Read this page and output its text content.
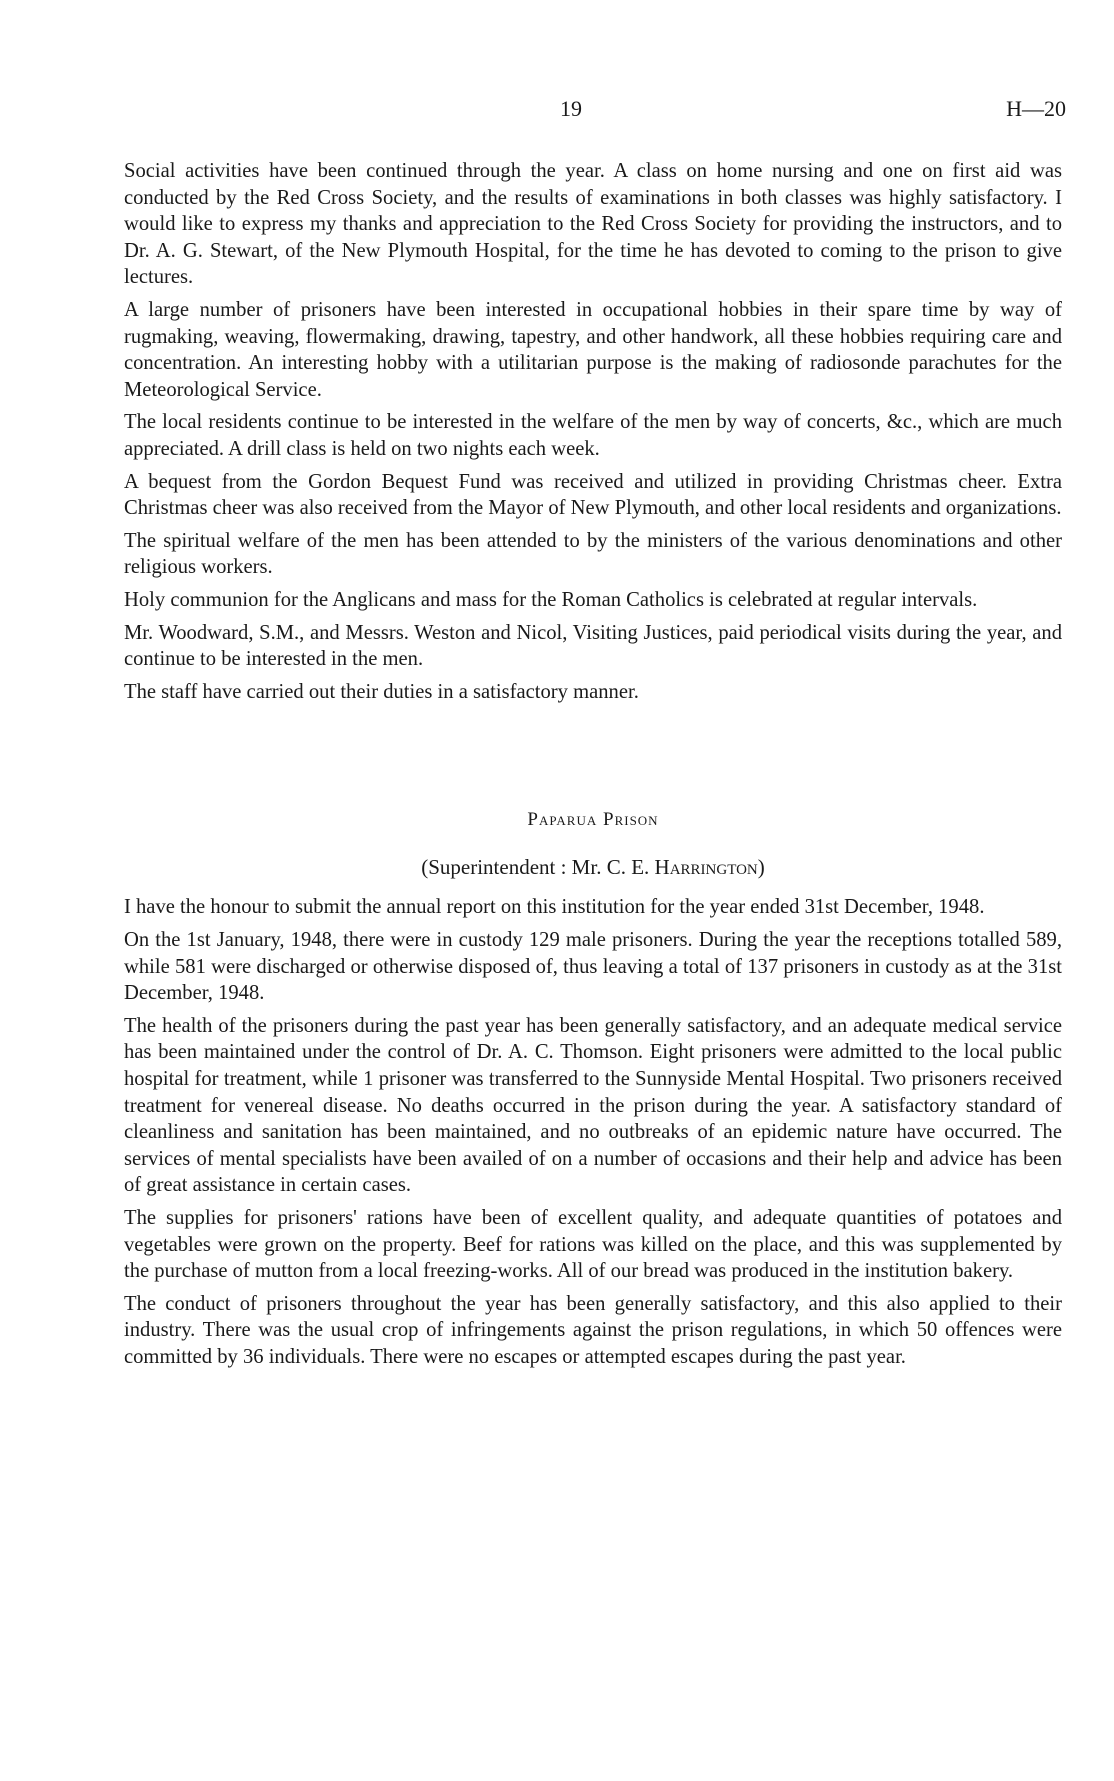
19	H—20

Social activities have been continued through the year. A class on home nursing and one on first aid was conducted by the Red Cross Society, and the results of examinations in both classes was highly satisfactory. I would like to express my thanks and appreciation to the Red Cross Society for providing the instructors, and to Dr. A. G. Stewart, of the New Plymouth Hospital, for the time he has devoted to coming to the prison to give lectures.

A large number of prisoners have been interested in occupational hobbies in their spare time by way of rugmaking, weaving, flowermaking, drawing, tapestry, and other handwork, all these hobbies requiring care and concentration. An interesting hobby with a utilitarian purpose is the making of radiosonde parachutes for the Meteorological Service.

The local residents continue to be interested in the welfare of the men by way of concerts, &c., which are much appreciated. A drill class is held on two nights each week.

A bequest from the Gordon Bequest Fund was received and utilized in providing Christmas cheer. Extra Christmas cheer was also received from the Mayor of New Plymouth, and other local residents and organizations.

The spiritual welfare of the men has been attended to by the ministers of the various denominations and other religious workers.

Holy communion for the Anglicans and mass for the Roman Catholics is celebrated at regular intervals.

Mr. Woodward, S.M., and Messrs. Weston and Nicol, Visiting Justices, paid periodical visits during the year, and continue to be interested in the men.

The staff have carried out their duties in a satisfactory manner.

Paparua Prison
(Superintendent : Mr. C. E. Harrington)

I have the honour to submit the annual report on this institution for the year ended 31st December, 1948.

On the 1st January, 1948, there were in custody 129 male prisoners. During the year the receptions totalled 589, while 581 were discharged or otherwise disposed of, thus leaving a total of 137 prisoners in custody as at the 31st December, 1948.

The health of the prisoners during the past year has been generally satisfactory, and an adequate medical service has been maintained under the control of Dr. A. C. Thomson. Eight prisoners were admitted to the local public hospital for treatment, while 1 prisoner was transferred to the Sunnyside Mental Hospital. Two prisoners received treatment for venereal disease. No deaths occurred in the prison during the year. A satisfactory standard of cleanliness and sanitation has been maintained, and no outbreaks of an epidemic nature have occurred. The services of mental specialists have been availed of on a number of occasions and their help and advice has been of great assistance in certain cases.

The supplies for prisoners' rations have been of excellent quality, and adequate quantities of potatoes and vegetables were grown on the property. Beef for rations was killed on the place, and this was supplemented by the purchase of mutton from a local freezing-works. All of our bread was produced in the institution bakery.

The conduct of prisoners throughout the year has been generally satisfactory, and this also applied to their industry. There was the usual crop of infringements against the prison regulations, in which 50 offences were committed by 36 individuals. There were no escapes or attempted escapes during the past year.
